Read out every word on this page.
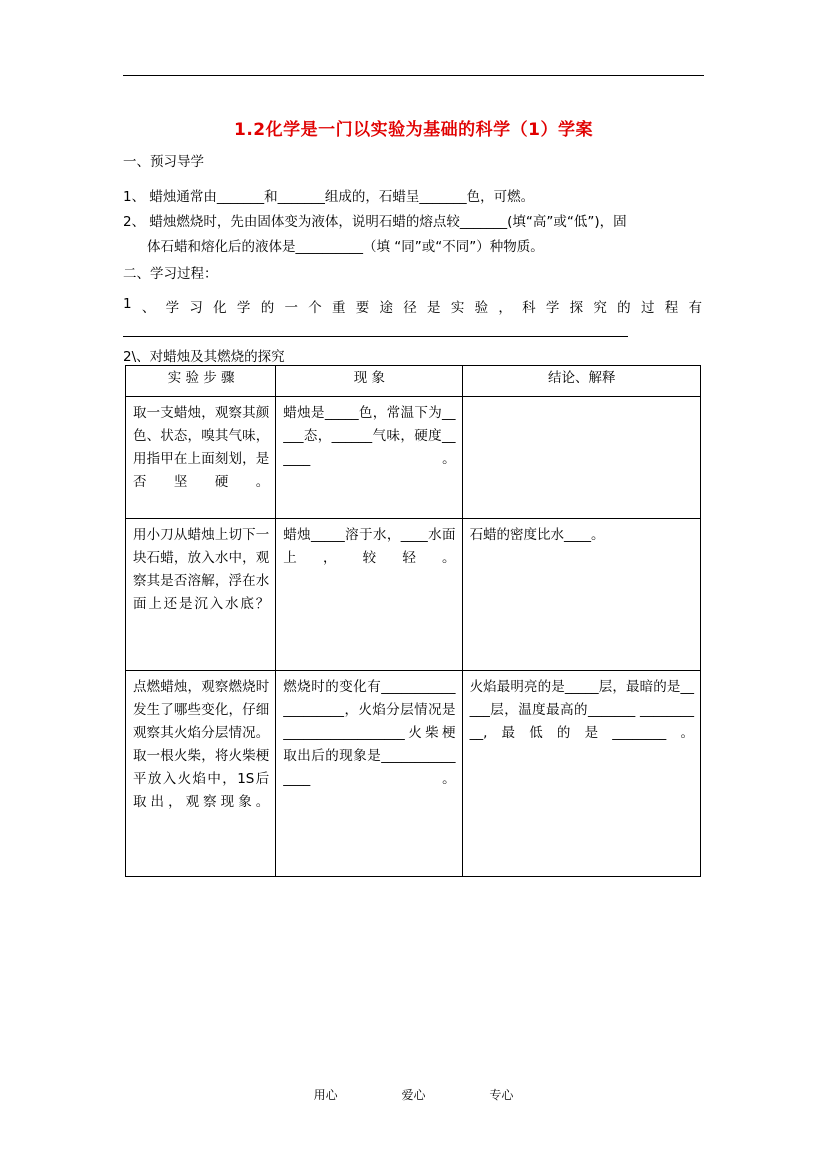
1.2化学是一门以实验为基础的科学（1）学案
一、预习导学
1、 蜡烛通常由_______和_______组成的，石蜡呈_______色，可燃。
2、 蜡烛燃烧时，先由固体变为液体，说明石蜡的熔点较_______(填“高”或“低”)，固
体石蜡和熔化后的液体是__________（填 “同”或“不同”）种物质。
二、学习过程：
1 、 学 习 化 学 的 一 个 重 要 途 径 是 实 验 ， 科 学 探 究 的 过 程 有
2\、对蜡烛及其燃烧的探究
实 验 步 骤	现 象	结论、解释
取一支蜡烛，观察其颜色、状态，嗅其气味，用指甲在上面刻划，是否坚硬。	蜡烛是_____色，常温下为_____态，______气味，硬度______。	
用小刀从蜡烛上切下一块石蜡，放入水中，观察其是否溶解，浮在水面上还是沉入水底？	蜡烛_____溶于水，____水面上，较轻。	石蜡的密度比水____。
点燃蜡烛，观察燃烧时发生了哪些变化，仔细观察其火焰分层情况。取一根火柴，将火柴梗平放入火焰中，1S后取出，观察现象。	燃烧时的变化有____________________，火焰分层情况是__________________火柴梗取出后的现象是_______________。	火焰最明亮的是_____层，最暗的是_____层，温度最高的_______ __________,最低的是________。
用心	爱心	专心
